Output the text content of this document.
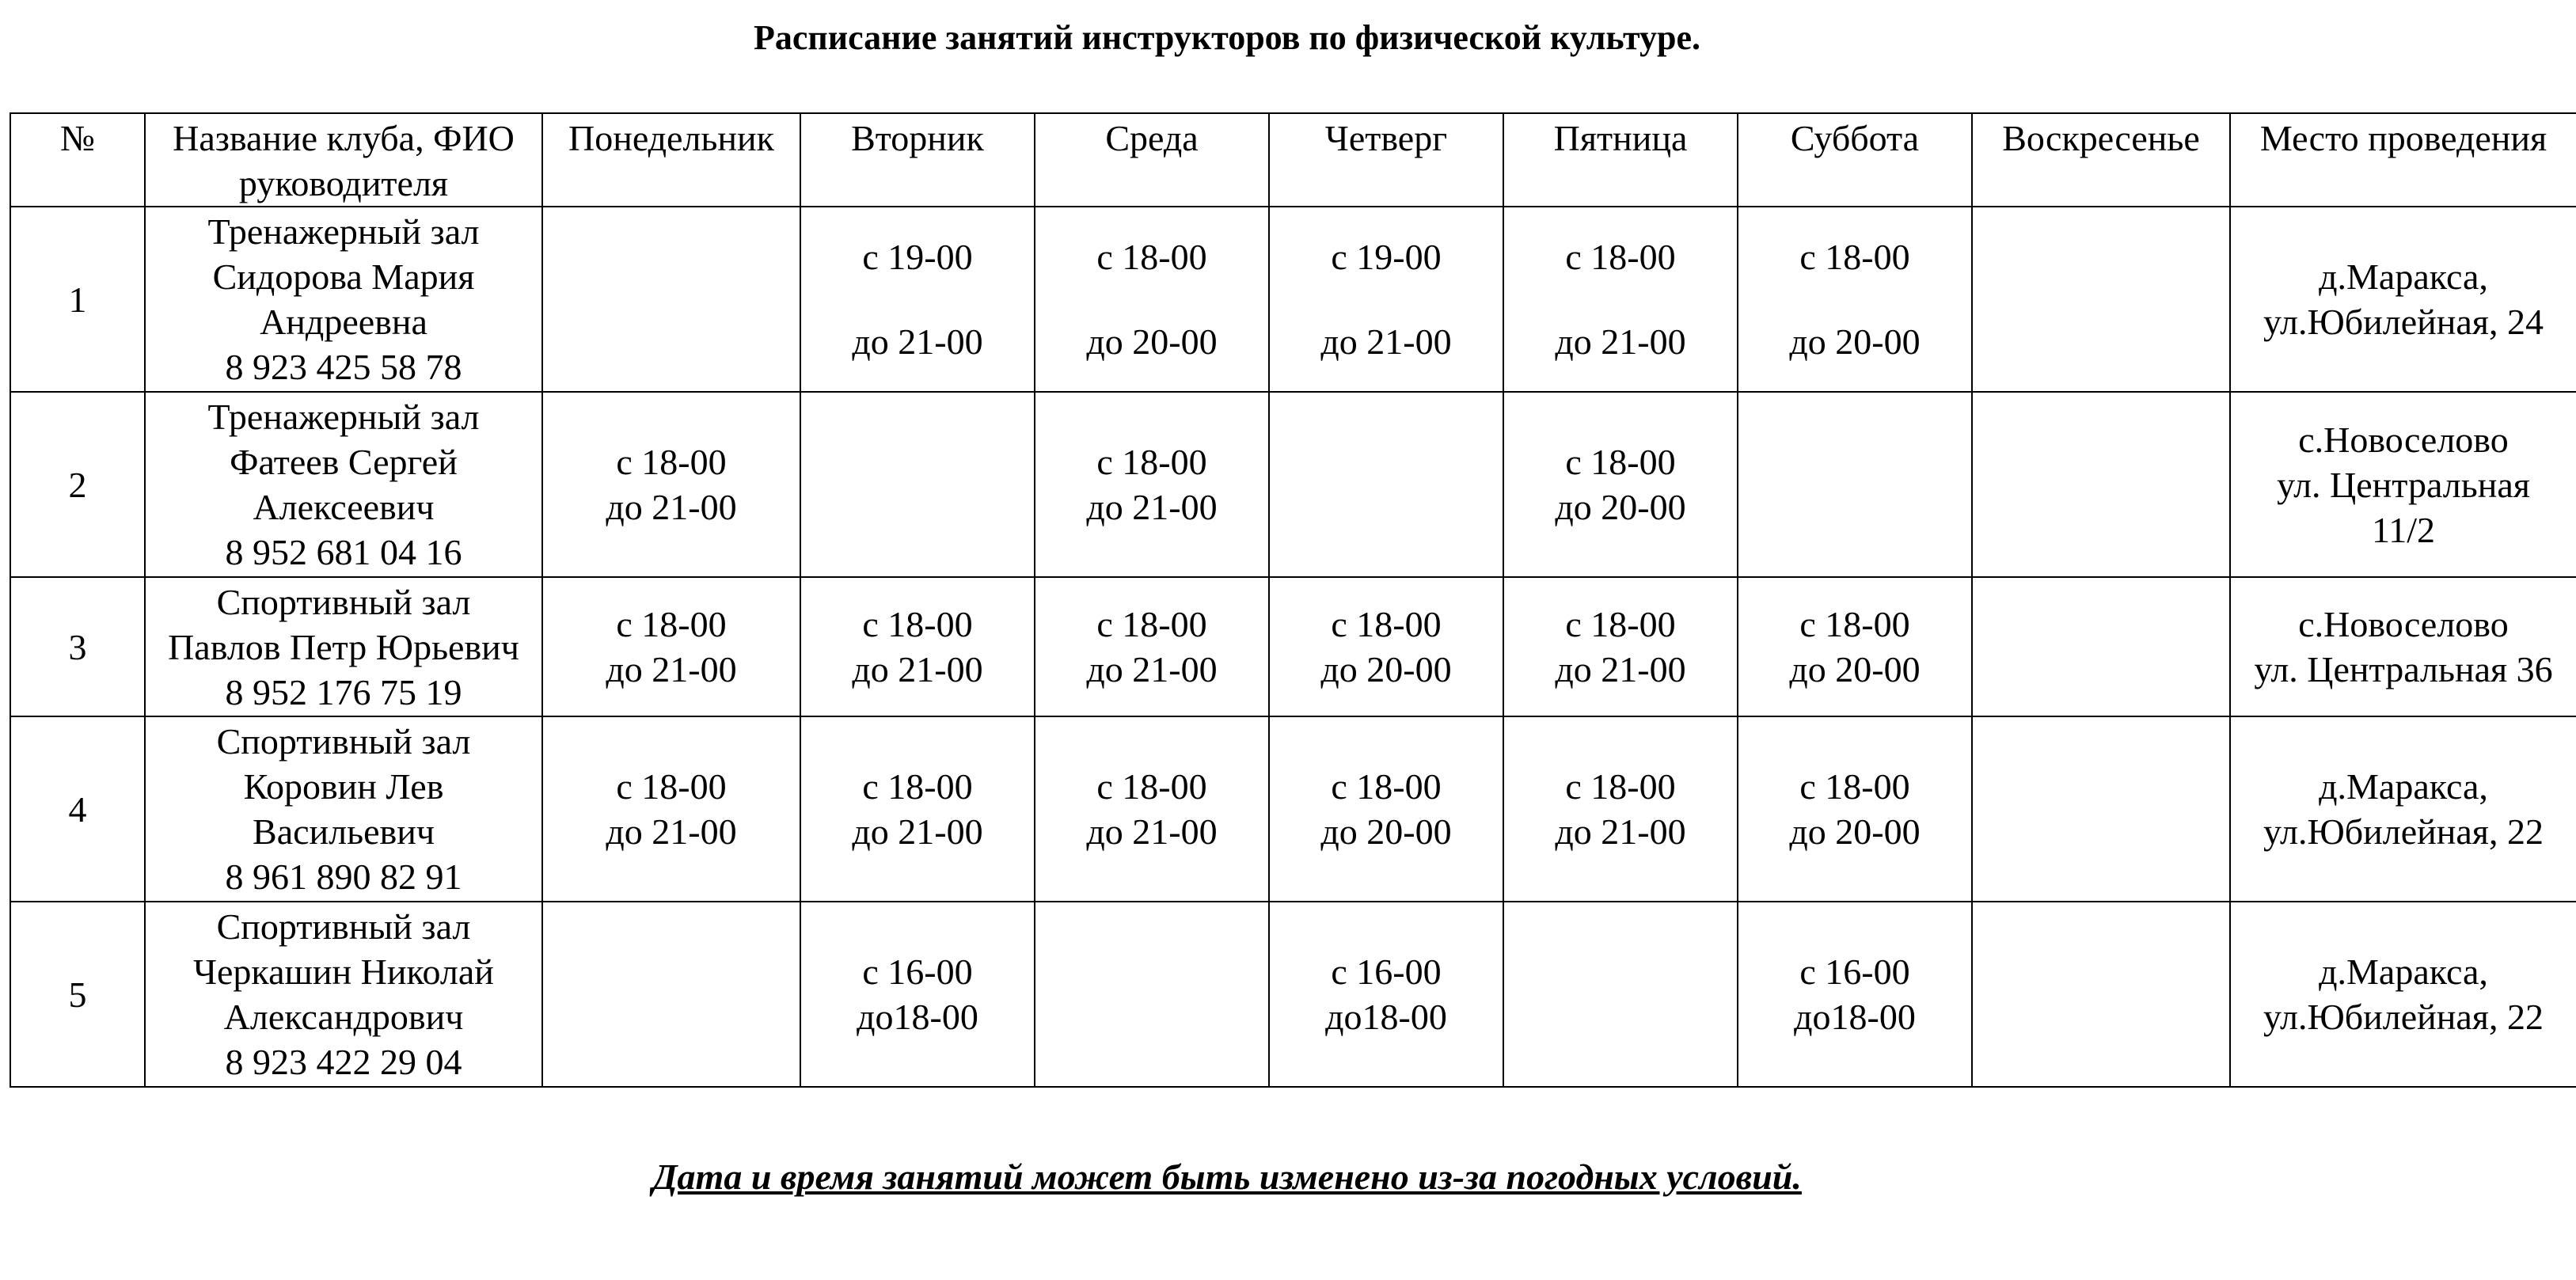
Расписание занятий инструкторов по физической культуре.
№	Название клуба, ФИО руководителя	Понедельник	Вторник	Среда	Четверг	Пятница	Суббота	Воскресенье	Место проведения
1	Тренажерный зал
Сидорова Мария
Андреевна
8 923 425 58 78		с 19-00
до 21-00	с 18-00
до 20-00	с 19-00
до 21-00	с 18-00
до 21-00	с 18-00
до 20-00		д.Маракса,
ул.Юбилейная, 24

2	Тренажерный зал
Фатеев Сергей
Алексеевич
8 952 681 04 16	с 18-00
до 21-00		с 18-00
до 21-00		с 18-00
до 20-00			с.Новоселово
ул. Центральная
11/2

3	Спортивный зал
Павлов Петр Юрьевич
8 952 176 75 19	с 18-00
до 21-00	с 18-00
до 21-00	с 18-00
до 21-00	с 18-00
до 20-00	с 18-00
до 21-00	с 18-00
до 20-00		с.Новоселово
ул. Центральная 36

4	Спортивный зал
Коровин Лев
Васильевич
8 961 890 82 91	с 18-00
до 21-00	с 18-00
до 21-00	с 18-00
до 21-00	с 18-00
до 20-00	с 18-00
до 21-00	с 18-00
до 20-00		д.Маракса,
ул.Юбилейная, 22

5	Спортивный зал
Черкашин Николай
Александрович
8 923 422 29 04		с 16-00
до18-00		с 16-00
до18-00		с 16-00
до18-00		д.Маракса,
ул.Юбилейная, 22
Дата и время занятий может быть изменено из-за погодных условий.
